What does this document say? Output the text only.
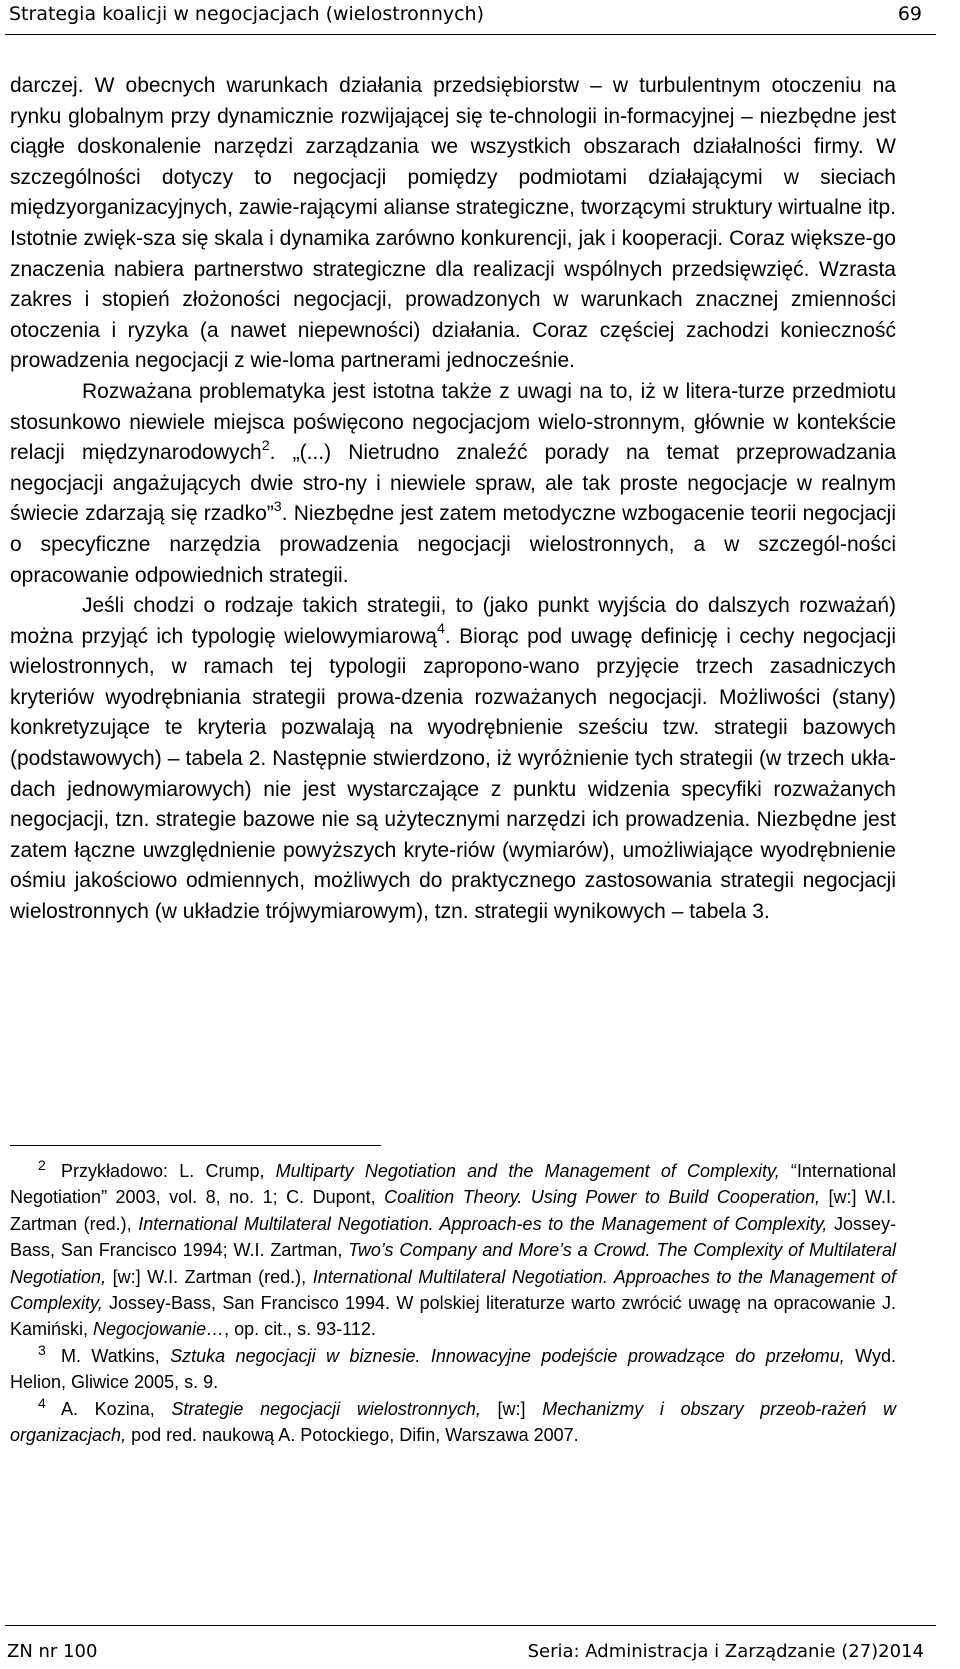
Strategia koalicji w negocjacjach (wielostronnych)	69

darczej. W obecnych warunkach działania przedsiębiorstw – w turbulentnym otoczeniu na rynku globalnym przy dynamicznie rozwijającej się te-chnologii in-formacyjnej – niezbędne jest ciągłe doskonalenie narzędzi zarządzania we wszystkich obszarach działalności firmy. W szczególności dotyczy to negocjacji pomiędzy podmiotami działającymi w sieciach międzyorganizacyjnych, zawie-rającymi alianse strategiczne, tworzącymi struktury wirtualne itp. Istotnie zwięk-sza się skala i dynamika zarówno konkurencji, jak i kooperacji. Coraz większe-go znaczenia nabiera partnerstwo strategiczne dla realizacji wspólnych przedsięwzięć. Wzrasta zakres i stopień złożoności negocjacji, prowadzonych w warunkach znacznej zmienności otoczenia i ryzyka (a nawet niepewności) działania. Coraz częściej zachodzi konieczność prowadzenia negocjacji z wie-loma partnerami jednocześnie.

Rozważana problematyka jest istotna także z uwagi na to, iż w litera-turze przedmiotu stosunkowo niewiele miejsca poświęcono negocjacjom wielo-stronnym, głównie w kontekście relacji międzynarodowych$^2$. „(...) Nietrudno znaleźć porady na temat przeprowadzania negocjacji angażujących dwie stro-ny i niewiele spraw, ale tak proste negocjacje w realnym świecie zdarzają się rzadko”$^3$. Niezbędne jest zatem metodyczne wzbogacenie teorii negocjacji o specyficzne narzędzia prowadzenia negocjacji wielostronnych, a w szczegól-ności opracowanie odpowiednich strategii.

Jeśli chodzi o rodzaje takich strategii, to (jako punkt wyjścia do dalszych rozważań) można przyjąć ich typologię wielowymiarową$^4$. Biorąc pod uwagę definicję i cechy negocjacji wielostronnych, w ramach tej typologii zapropono-wano przyjęcie trzech zasadniczych kryteriów wyodrębniania strategii prowa-dzenia rozważanych negocjacji. Możliwości (stany) konkretyzujące te kryteria pozwalają na wyodrębnienie sześciu tzw. strategii bazowych (podstawowych) – tabela 2. Następnie stwierdzono, iż wyróżnienie tych strategii (w trzech ukła-dach jednowymiarowych) nie jest wystarczające z punktu widzenia specyfiki rozważanych negocjacji, tzn. strategie bazowe nie są użytecznymi narzędzi ich prowadzenia. Niezbędne jest zatem łączne uwzględnienie powyższych kryte-riów (wymiarów), umożliwiające wyodrębnienie ośmiu jakościowo odmiennych, możliwych do praktycznego zastosowania strategii negocjacji wielostronnych (w układzie trójwymiarowym), tzn. strategii wynikowych – tabela 3.

2 Przykładowo: L. Crump, Multiparty Negotiation and the Management of Complexity, “International Negotiation” 2003, vol. 8, no. 1; C. Dupont, Coalition Theory. Using Power to Build Cooperation, [w:] W.I. Zartman (red.), International Multilateral Negotiation. Approach-es to the Management of Complexity, Jossey-Bass, San Francisco 1994; W.I. Zartman, Two’s Company and More’s a Crowd. The Complexity of Multilateral Negotiation, [w:] W.I. Zartman (red.), International Multilateral Negotiation. Approaches to the Management of Complexity, Jossey-Bass, San Francisco 1994. W polskiej literaturze warto zwrócić uwagę na opracowanie J. Kamiński, Negocjowanie…, op. cit., s. 93-112.

3 M. Watkins, Sztuka negocjacji w biznesie. Innowacyjne podejście prowadzące do przełomu, Wyd. Helion, Gliwice 2005, s. 9.

4 A. Kozina, Strategie negocjacji wielostronnych, [w:] Mechanizmy i obszary przeob-rażeń w organizacjach, pod red. naukową A. Potockiego, Difin, Warszawa 2007.

ZN nr 100	Seria: Administracja i Zarządzanie (27)2014
